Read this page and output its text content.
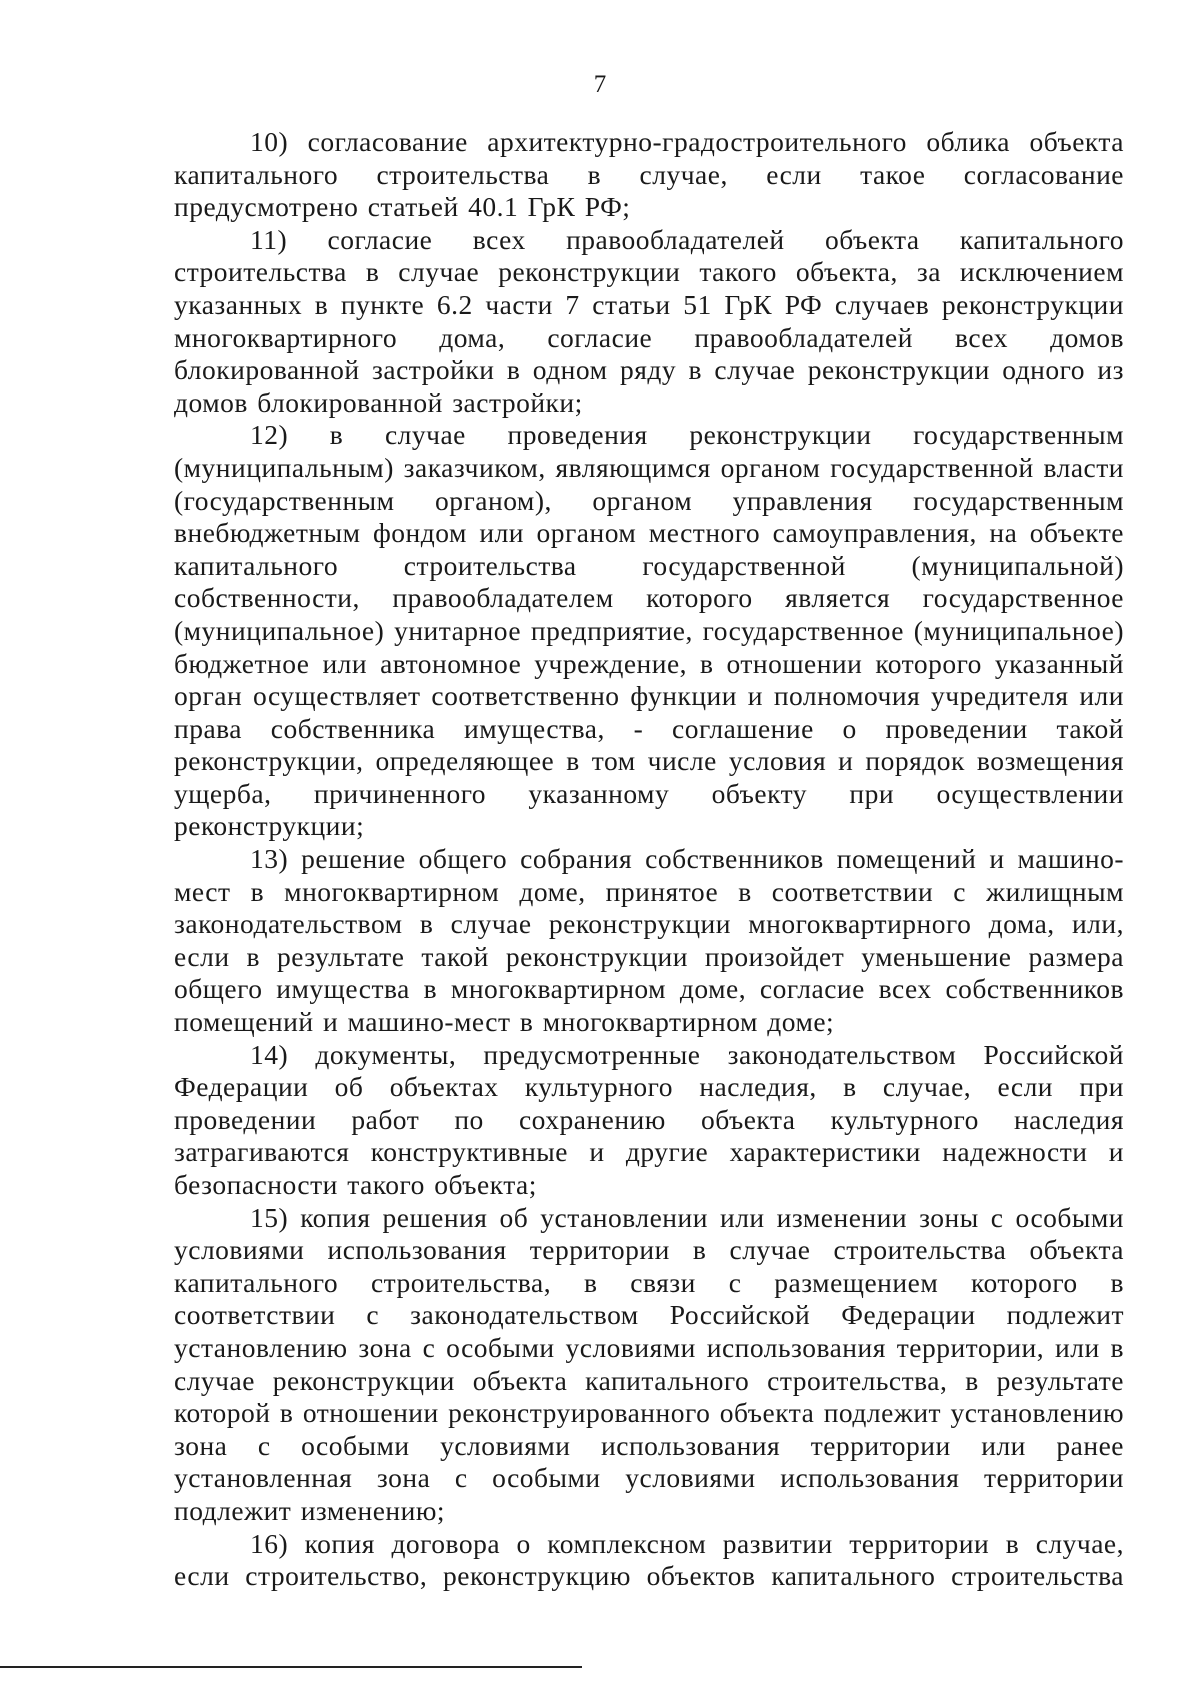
7

10) согласование архитектурно-градостроительного облика объекта капитального строительства в случае, если такое согласование предусмотрено статьей 40.1 ГрК РФ;

11) согласие всех правообладателей объекта капитального строительства в случае реконструкции такого объекта, за исключением указанных в пункте 6.2 части 7 статьи 51 ГрК РФ случаев реконструкции многоквартирного дома, согласие правообладателей всех домов блокированной застройки в одном ряду в случае реконструкции одного из домов блокированной застройки;

12) в случае проведения реконструкции государственным (муниципальным) заказчиком, являющимся органом государственной власти (государственным органом), органом управления государственным внебюджетным фондом или органом местного самоуправления, на объекте капитального строительства государственной (муниципальной) собственности, правообладателем которого является государственное (муниципальное) унитарное предприятие, государственное (муниципальное) бюджетное или автономное учреждение, в отношении которого указанный орган осуществляет соответственно функции и полномочия учредителя или права собственника имущества, - соглашение о проведении такой реконструкции, определяющее в том числе условия и порядок возмещения ущерба, причиненного указанному объекту при осуществлении реконструкции;

13) решение общего собрания собственников помещений и машино-мест в многоквартирном доме, принятое в соответствии с жилищным законодательством в случае реконструкции многоквартирного дома, или, если в результате такой реконструкции произойдет уменьшение размера общего имущества в многоквартирном доме, согласие всех собственников помещений и машино-мест в многоквартирном доме;

14) документы, предусмотренные законодательством Российской Федерации об объектах культурного наследия, в случае, если при проведении работ по сохранению объекта культурного наследия затрагиваются конструктивные и другие характеристики надежности и безопасности такого объекта;

15) копия решения об установлении или изменении зоны с особыми условиями использования территории в случае строительства объекта капитального строительства, в связи с размещением которого в соответствии с законодательством Российской Федерации подлежит установлению зона с особыми условиями использования территории, или в случае реконструкции объекта капитального строительства, в результате которой в отношении реконструированного объекта подлежит установлению зона с особыми условиями использования территории или ранее установленная зона с особыми условиями использования территории подлежит изменению;

16) копия договора о комплексном развитии территории в случае, если строительство, реконструкцию объектов капитального строительства
